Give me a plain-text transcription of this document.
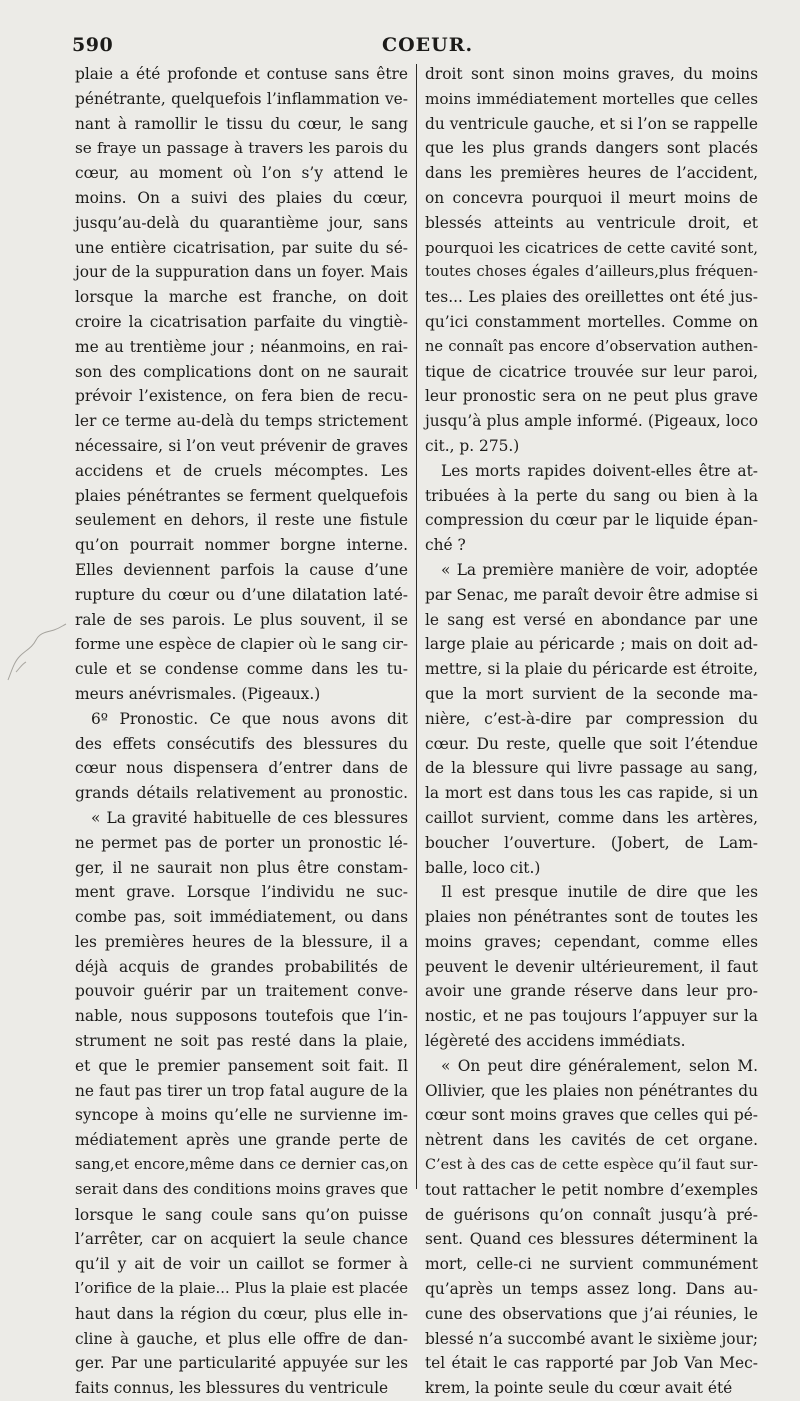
590	COEUR.
plaie a été profonde et contuse sans être
pénétrante, quelquefois l’inflammation ve-
nant à ramollir le tissu du cœur, le sang
se fraye un passage à travers les parois du
cœur, au moment où l’on s’y attend le
moins. On a suivi des plaies du cœur,
jusqu’au-delà du quarantième jour, sans
une entière cicatrisation, par suite du sé-
jour de la suppuration dans un foyer. Mais
lorsque la marche est franche, on doit
croire la cicatrisation parfaite du vingtiè-
me au trentième jour ; néanmoins, en rai-
son des complications dont on ne saurait
prévoir l’existence, on fera bien de recu-
ler ce terme au-delà du temps strictement
nécessaire, si l’on veut prévenir de graves
accidens et de cruels mécomptes. Les
plaies pénétrantes se ferment quelquefois
seulement en dehors, il reste une fistule
qu’on pourrait nommer borgne interne.
Elles deviennent parfois la cause d’une
rupture du cœur ou d’une dilatation laté-
rale de ses parois. Le plus souvent, il se
forme une espèce de clapier où le sang cir-
cule et se condense comme dans les tu-
meurs anévrismales. (Pigeaux.)
6º Pronostic. Ce que nous avons dit
des effets consécutifs des blessures du
cœur nous dispensera d’entrer dans de
grands détails relativement au pronostic.
« La gravité habituelle de ces blessures
ne permet pas de porter un pronostic lé-
ger, il ne saurait non plus être constam-
ment grave. Lorsque l’individu ne suc-
combe pas, soit immédiatement, ou dans
les premières heures de la blessure, il a
déjà acquis de grandes probabilités de
pouvoir guérir par un traitement conve-
nable, nous supposons toutefois que l’in-
strument ne soit pas resté dans la plaie,
et que le premier pansement soit fait. Il
ne faut pas tirer un trop fatal augure de la
syncope à moins qu’elle ne survienne im-
médiatement après une grande perte de
sang,et encore,même dans ce dernier cas,on
serait dans des conditions moins graves que
lorsque le sang coule sans qu’on puisse
l’arrêter, car on acquiert la seule chance
qu’il y ait de voir un caillot se former à
l’orifice de la plaie... Plus la plaie est placée
haut dans la région du cœur, plus elle in-
cline à gauche, et plus elle offre de dan-
ger. Par une particularité appuyée sur les
faits connus, les blessures du ventricule
droit sont sinon moins graves, du moins
moins immédiatement mortelles que celles
du ventricule gauche, et si l’on se rappelle
que les plus grands dangers sont placés
dans les premières heures de l’accident,
on concevra pourquoi il meurt moins de
blessés atteints au ventricule droit, et
pourquoi les cicatrices de cette cavité sont,
toutes choses égales d’ailleurs,plus fréquen-
tes... Les plaies des oreillettes ont été jus-
qu’ici constamment mortelles. Comme on
ne connaît pas encore d’observation authen-
tique de cicatrice trouvée sur leur paroi,
leur pronostic sera on ne peut plus grave
jusqu’à plus ample informé. (Pigeaux, loco
cit., p. 275.)
Les morts rapides doivent-elles être at-
tribuées à la perte du sang ou bien à la
compression du cœur par le liquide épan-
ché ?
« La première manière de voir, adoptée
par Senac, me paraît devoir être admise si
le sang est versé en abondance par une
large plaie au péricarde ; mais on doit ad-
mettre, si la plaie du péricarde est étroite,
que la mort survient de la seconde ma-
nière, c’est-à-dire par compression du
cœur. Du reste, quelle que soit l’étendue
de la blessure qui livre passage au sang,
la mort est dans tous les cas rapide, si un
caillot survient, comme dans les artères,
boucher l’ouverture. (Jobert, de Lam-
balle, loco cit.)
Il est presque inutile de dire que les
plaies non pénétrantes sont de toutes les
moins graves; cependant, comme elles
peuvent le devenir ultérieurement, il faut
avoir une grande réserve dans leur pro-
nostic, et ne pas toujours l’appuyer sur la
légèreté des accidens immédiats.
« On peut dire généralement, selon M.
Ollivier, que les plaies non pénétrantes du
cœur sont moins graves que celles qui pé-
nètrent dans les cavités de cet organe.
C’est à des cas de cette espèce qu’il faut sur-
tout rattacher le petit nombre d’exemples
de guérisons qu’on connaît jusqu’à pré-
sent. Quand ces blessures déterminent la
mort, celle-ci ne survient communément
qu’après un temps assez long. Dans au-
cune des observations que j’ai réunies, le
blessé n’a succombé avant le sixième jour;
tel était le cas rapporté par Job Van Mec-
krem, la pointe seule du cœur avait été
